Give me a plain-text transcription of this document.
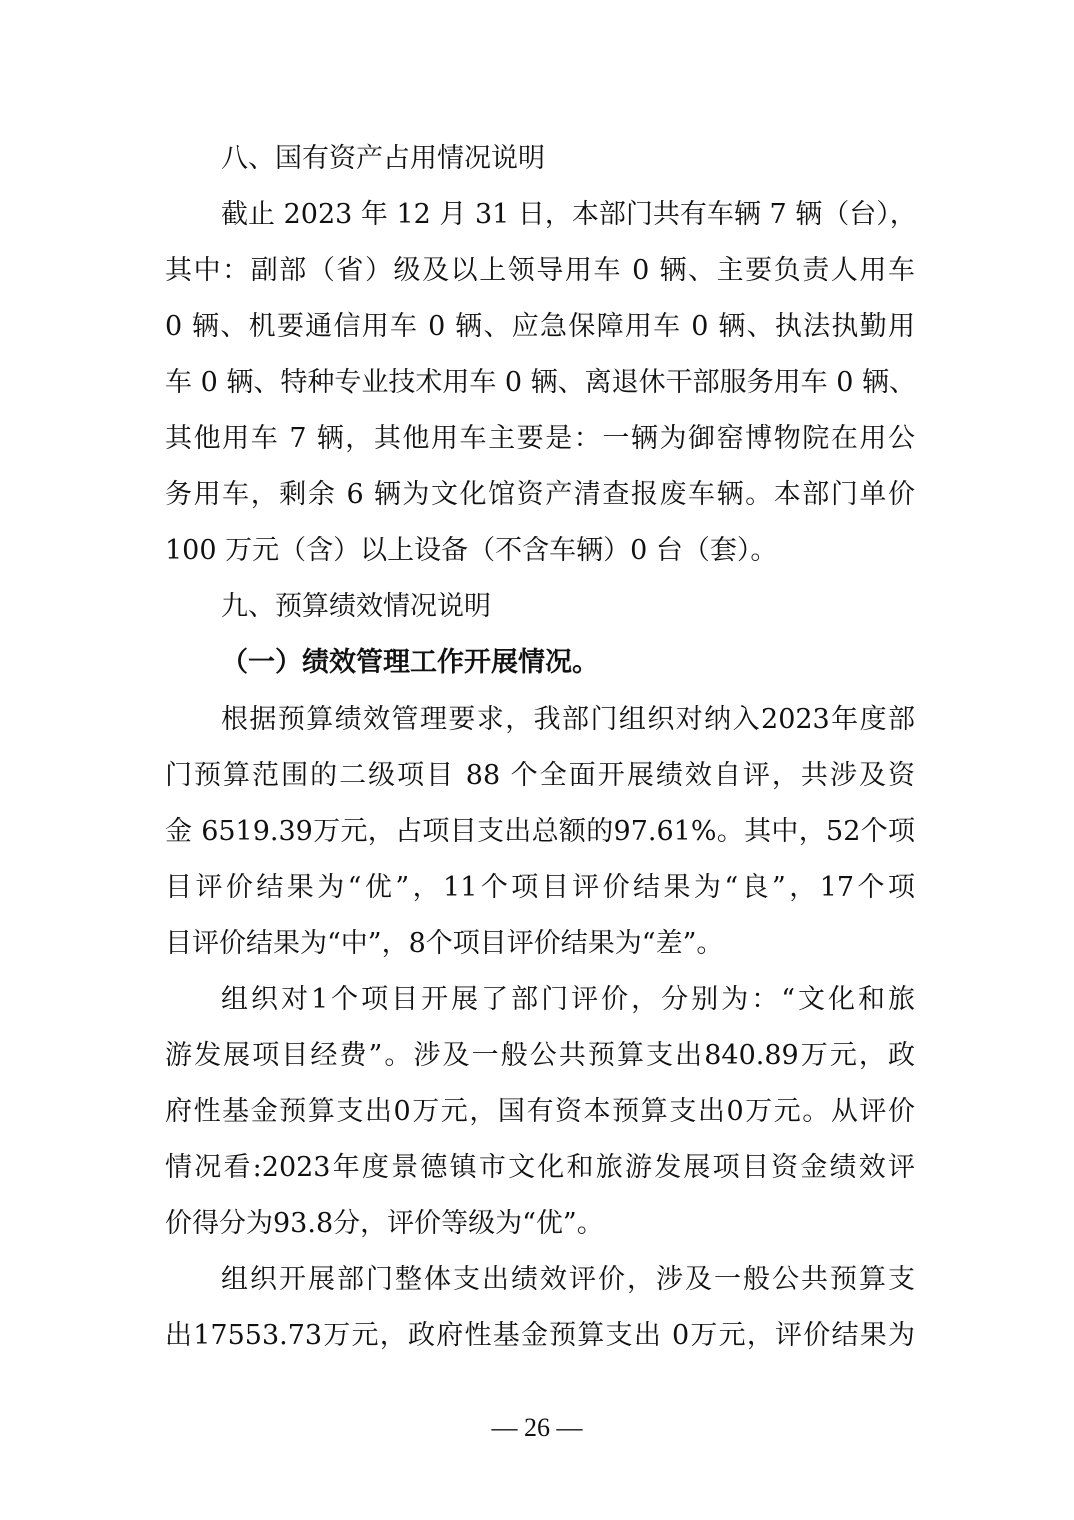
八、国有资产占用情况说明
截止 2023 年 12 月 31 日，本部门共有车辆 7 辆（台），
其中：副部（省）级及以上领导用车 0 辆、主要负责人用车
0 辆、机要通信用车 0 辆、应急保障用车 0 辆、执法执勤用
车 0 辆、特种专业技术用车 0 辆、离退休干部服务用车 0 辆、
其他用车 7 辆，其他用车主要是：一辆为御窑博物院在用公
务用车，剩余 6 辆为文化馆资产清查报废车辆。本部门单价
100 万元（含）以上设备（不含车辆）0 台（套）。
九、预算绩效情况说明
（一）绩效管理工作开展情况。
根据预算绩效管理要求，我部门组织对纳入2023年度部
门预算范围的二级项目 88 个全面开展绩效自评，共涉及资
金 6519.39万元，占项目支出总额的97.61%。其中，52个项
目评价结果为“优”，11个项目评价结果为“良”，17个项
目评价结果为“中”，8个项目评价结果为“差”。
组织对1个项目开展了部门评价，分别为：“文化和旅
游发展项目经费”。涉及一般公共预算支出840.89万元，政
府性基金预算支出0万元，国有资本预算支出0万元。从评价
情况看:2023年度景德镇市文化和旅游发展项目资金绩效评
价得分为93.8分，评价等级为“优”。
组织开展部门整体支出绩效评价，涉及一般公共预算支
出17553.73万元，政府性基金预算支出 0万元，评价结果为
— 26 —
